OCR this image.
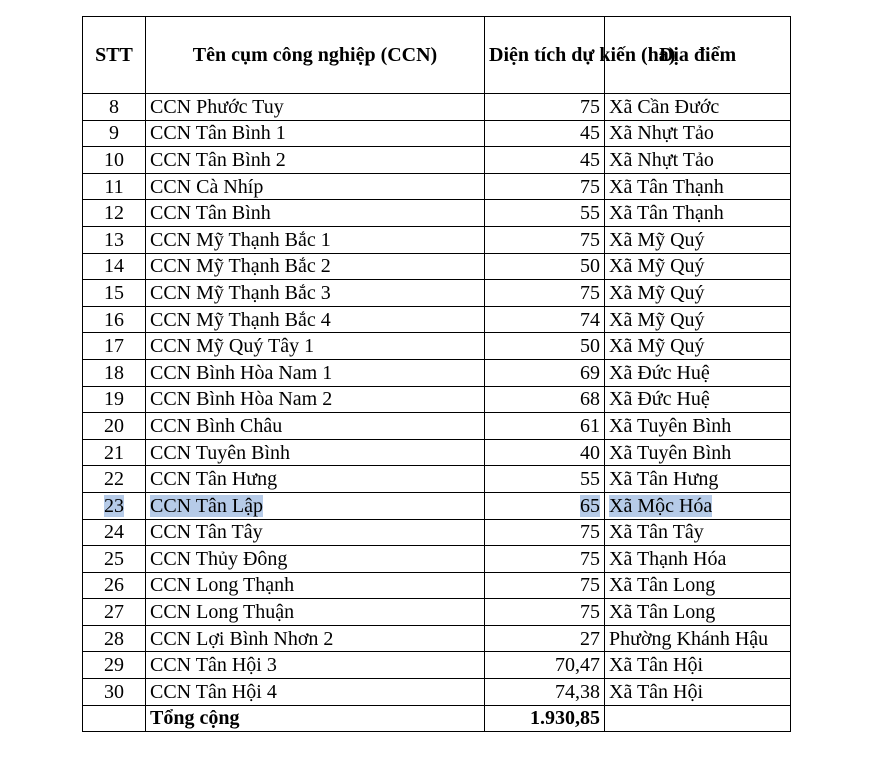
STT	Tên cụm công nghiệp (CCN)	Diện tích dự kiến (ha)	Địa điểm
8	CCN Phước Tuy	75	Xã Cần Đước
9	CCN Tân Bình 1	45	Xã Nhựt Tảo
10	CCN Tân Bình 2	45	Xã Nhựt Tảo
11	CCN Cà Nhíp	75	Xã Tân Thạnh
12	CCN Tân Bình	55	Xã Tân Thạnh
13	CCN Mỹ Thạnh Bắc 1	75	Xã Mỹ Quý
14	CCN Mỹ Thạnh Bắc 2	50	Xã Mỹ Quý
15	CCN Mỹ Thạnh Bắc 3	75	Xã Mỹ Quý
16	CCN Mỹ Thạnh Bắc 4	74	Xã Mỹ Quý
17	CCN Mỹ Quý Tây 1	50	Xã Mỹ Quý
18	CCN Bình Hòa Nam 1	69	Xã Đức Huệ
19	CCN Bình Hòa Nam 2	68	Xã Đức Huệ
20	CCN Bình Châu	61	Xã Tuyên Bình
21	CCN Tuyên Bình	40	Xã Tuyên Bình
22	CCN Tân Hưng	55	Xã Tân Hưng
23	CCN Tân Lập	65	Xã Mộc Hóa
24	CCN Tân Tây	75	Xã Tân Tây
25	CCN Thủy Đông	75	Xã Thạnh Hóa
26	CCN Long Thạnh	75	Xã Tân Long
27	CCN Long Thuận	75	Xã Tân Long
28	CCN Lợi Bình Nhơn 2	27	Phường Khánh Hậu
29	CCN Tân Hội 3	70,47	Xã Tân Hội
30	CCN Tân Hội 4	74,38	Xã Tân Hội
	Tổng cộng	1.930,85	
